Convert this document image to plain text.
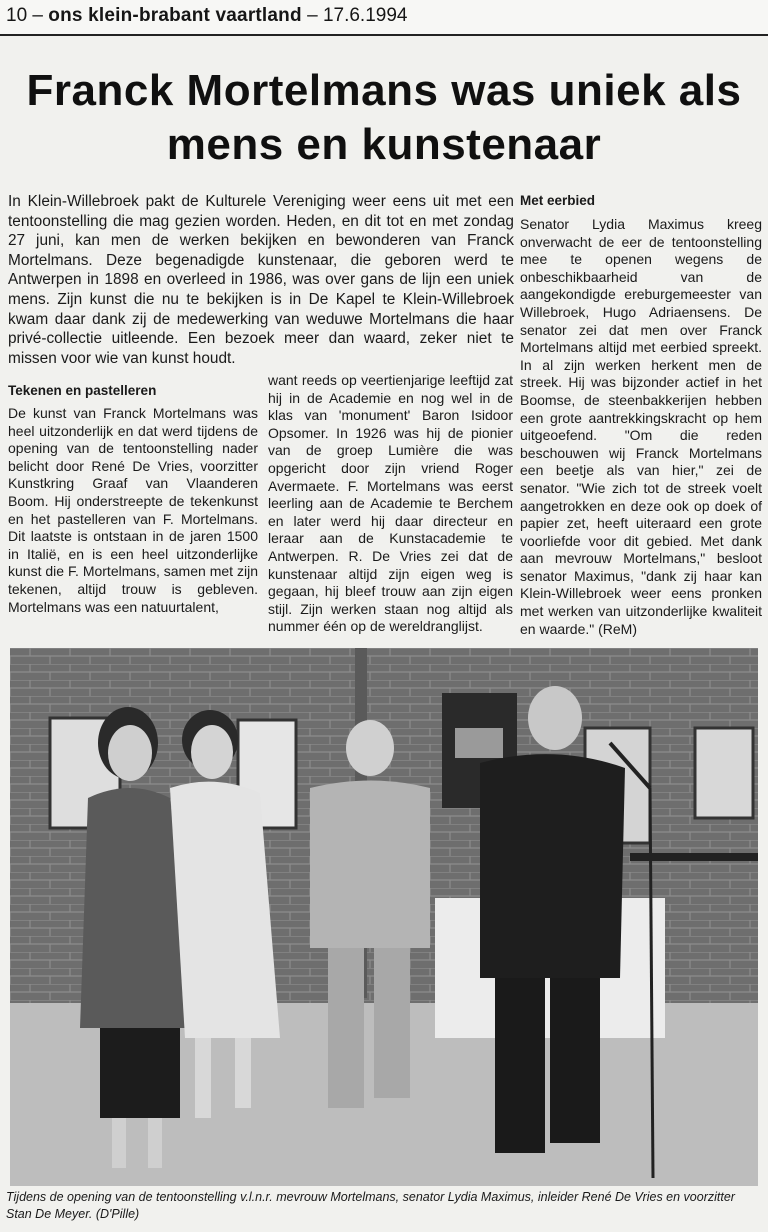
10 – ons klein-brabant vaartland – 17.6.1994
Franck Mortelmans was uniek als mens en kunstenaar

In Klein-Willebroek pakt de Kulturele Vereniging weer eens uit met een tentoonstelling die mag gezien worden. Heden, en dit tot en met zondag 27 juni, kan men de werken bekijken en bewonderen van Franck Mortelmans. Deze begenadigde kunstenaar, die geboren werd te Antwerpen in 1898 en overleed in 1986, was over gans de lijn een uniek mens. Zijn kunst die nu te bekijken is in De Kapel te Klein-Willebroek kwam daar dank zij de medewerking van weduwe Mortelmans die haar privé-collectie uitleende. Een bezoek meer dan waard, zeker niet te missen voor wie van kunst houdt.

Tekenen en pastelleren

De kunst van Franck Mortelmans was heel uitzonderlijk en dat werd tijdens de opening van de tentoonstelling nader belicht door René De Vries, voorzitter Kunstkring Graaf van Vlaanderen Boom. Hij onderstreepte de tekenkunst en het pastelleren van F. Mortelmans. Dit laatste is ontstaan in de jaren 1500 in Italië, en is een heel uitzonderlijke kunst die F. Mortelmans, samen met zijn tekenen, altijd trouw is gebleven. Mortelmans was een natuurtalent,

want reeds op veertienjarige leeftijd zat hij in de Academie en nog wel in de klas van 'monument' Baron Isidoor Opsomer. In 1926 was hij de pionier van de groep Lumière die was opgericht door zijn vriend Roger Avermaete. F. Mortelmans was eerst leerling aan de Academie te Berchem en later werd hij daar directeur en leraar aan de Kunstacademie te Antwerpen. R. De Vries zei dat de kunstenaar altijd zijn eigen weg is gegaan, hij bleef trouw aan zijn eigen stijl. Zijn werken staan nog altijd als nummer één op de wereldranglijst.

Met eerbied

Senator Lydia Maximus kreeg onverwacht de eer de tentoonstelling mee te openen wegens de onbeschikbaarheid van de aangekondigde ereburgemeester van Willebroek, Hugo Adriaensens. De senator zei dat men over Franck Mortelmans altijd met eerbied spreekt. In al zijn werken herkent men de streek. Hij was bijzonder actief in het Boomse, de steenbakkerijen hebben een grote aantrekkingskracht op hem uitgeoefend. "Om die reden beschouwen wij Franck Mortelmans een beetje als van hier," zei de senator. "Wie zich tot de streek voelt aangetrokken en deze ook op doek of papier zet, heeft uiteraard een grote voorliefde voor dit gebied. Met dank aan mevrouw Mortelmans," besloot senator Maximus, "dank zij haar kan Klein-Willebroek weer eens pronken met werken van uitzonderlijke kwaliteit en waarde." (ReM)

Tijdens de opening van de tentoonstelling v.l.n.r. mevrouw Mortelmans, senator Lydia Maximus, inleider René De Vries en voorzitter Stan De Meyer. (D'Pille)
